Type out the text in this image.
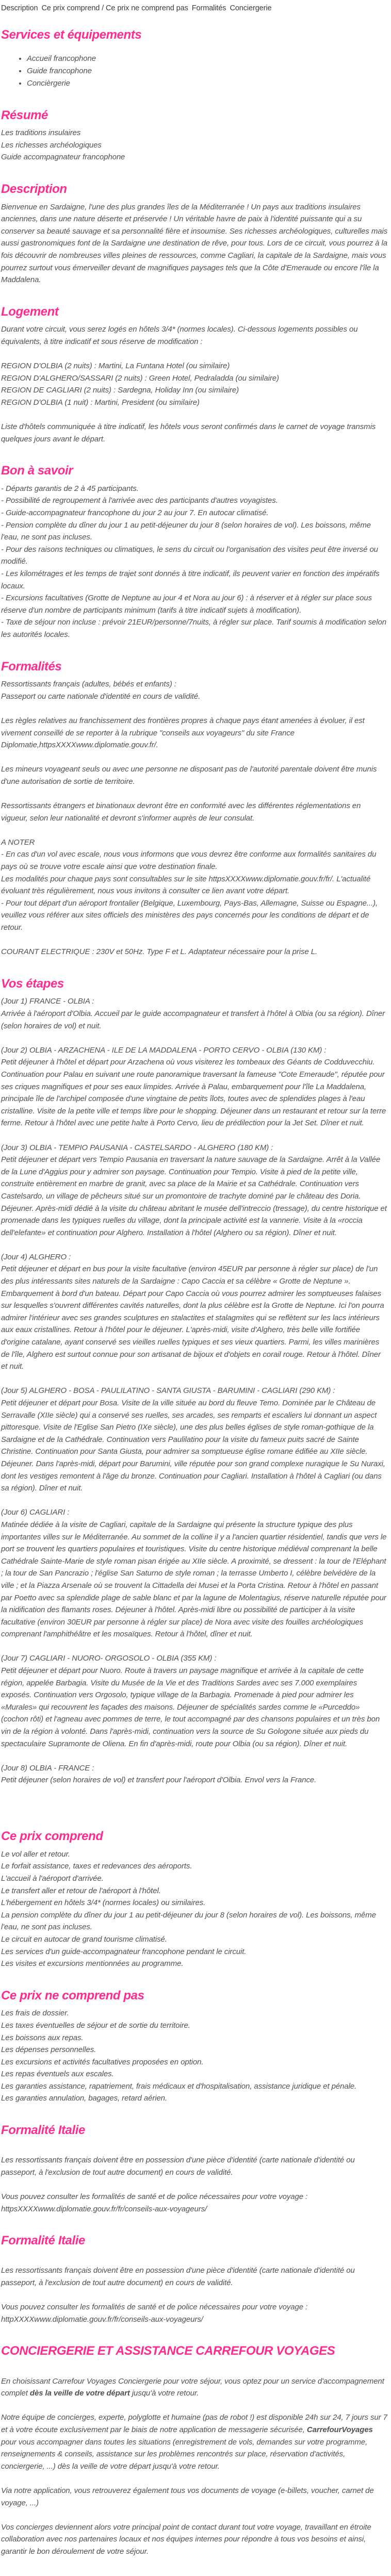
Description Ce prix comprend / Ce prix ne comprend pas Formalités Conciergerie
Services et équipements
• Accueil francophone
• Guide francophone
• Concièrgerie
Résumé

Les traditions insulaires

Les richesses archéologiques

Guide accompagnateur francophone

Description

Bienvenue en Sardaigne, l'une des plus grandes îles de la Méditerranée ! Un pays aux traditions insulaires anciennes, dans une nature déserte et préservée ! Un véritable havre de paix à l'identité puissante qui a su conserver sa beauté sauvage et sa personnalité fière et insoumise. Ses richesses archéologiques, culturelles mais aussi gastronomiques font de la Sardaigne une destination de rêve, pour tous. Lors de ce circuit, vous pourrez à la fois découvrir de nombreuses villes pleines de ressources, comme Cagliari, la capitale de la Sardaigne, mais vous pourrez surtout vous émerveiller devant de magnifiques paysages tels que la Côte d'Emeraude ou encore l'île la Maddalena.

Logement

Durant votre circuit, vous serez logés en hôtels 3/4* (normes locales). Ci-dessous logements possibles ou équivalents, à titre indicatif et sous réserve de modification :

REGION D'OLBIA (2 nuits) : Martini, La Funtana Hotel (ou similaire)

REGION D'ALGHERO/SASSARI (2 nuits) : Green Hotel, Pedraladda (ou similaire)

REGION DE CAGLIARI (2 nuits) : Sardegna, Holiday Inn (ou similaire)

REGION D'OLBIA (1 nuit) : Martini, President (ou similaire)

Liste d'hôtels communiquée à titre indicatif, les hôtels vous seront confirmés dans le carnet de voyage transmis quelques jours avant le départ.

Bon à savoir

- Départs garantis de 2 à 45 participants.

- Possibilité de regroupement à l'arrivée avec des participants d'autres voyagistes.

- Guide-accompagnateur francophone du jour 2 au jour 7. En autocar climatisé.

- Pension complète du dîner du jour 1 au petit-déjeuner du jour 8 (selon horaires de vol). Les boissons, même l'eau, ne sont pas incluses.

- Pour des raisons techniques ou climatiques, le sens du circuit ou l'organisation des visites peut être inversé ou modifié.

- Les kilométrages et les temps de trajet sont donnés à titre indicatif, ils peuvent varier en fonction des impératifs locaux.

- Excursions facultatives (Grotte de Neptune au jour 4 et Nora au jour 6) : à réserver et à régler sur place sous réserve d'un nombre de participants minimum (tarifs à titre indicatif sujets à modification).

- Taxe de séjour non incluse : prévoir 21EUR/personne/7nuits, à régler sur place. Tarif soumis à modification selon les autorités locales.

Formalités

Ressortissants français (adultes, bébés et enfants) :

Passeport ou carte nationale d'identité en cours de validité.

Les règles relatives au franchissement des frontières propres à chaque pays étant amenées à évoluer, il est vivement conseillé de se reporter à la rubrique "conseils aux voyageurs" du site France Diplomatie,httpsXXXXwww.diplomatie.gouv.fr/.

Les mineurs voyageant seuls ou avec une personne ne disposant pas de l'autorité parentale doivent être munis d'une autorisation de sortie de territoire.

Ressortissants étrangers et binationaux devront être en conformité avec les différentes réglementations en vigueur, selon leur nationalité et devront s'informer auprès de leur consulat.

A NOTER

- En cas d'un vol avec escale, nous vous informons que vous devrez être conforme aux formalités sanitaires du pays où se trouve votre escale ainsi que votre destination finale.

Les modalités pour chaque pays sont consultables sur le site httpsXXXXwww.diplomatie.gouv.fr/fr/. L'actualité évoluant très régulièrement, nous vous invitons à consulter ce lien avant votre départ.

- Pour tout départ d'un aéroport frontalier (Belgique, Luxembourg, Pays-Bas, Allemagne, Suisse ou Espagne...), veuillez vous référer aux sites officiels des ministères des pays concernés pour les conditions de départ et de retour.

COURANT ELECTRIQUE : 230V et 50Hz. Type F et L. Adaptateur nécessaire pour la prise L.

Vos étapes

(Jour 1) FRANCE - OLBIA :

Arrivée à l'aéroport d'Olbia. Accueil par le guide accompagnateur et transfert à l'hôtel à Olbia (ou sa région). Dîner (selon horaires de vol) et nuit.

(Jour 2) OLBIA - ARZACHENA - ILE DE LA MADDALENA - PORTO CERVO - OLBIA (130 KM) :

Petit déjeuner à l'hôtel et départ pour Arzachena où vous visiterez les tombeaux des Géants de Codduvecchiu. Continuation pour Palau en suivant une route panoramique traversant la fameuse "Cote Emeraude", réputée pour ses criques magnifiques et pour ses eaux limpides. Arrivée à Palau, embarquement pour l'île La Maddalena, principale île de l'archipel composée d'une vingtaine de petits îlots, toutes avec de splendides plages à l'eau cristalline. Visite de la petite ville et temps libre pour le shopping. Déjeuner dans un restaurant et retour sur la terre ferme. Retour à l'hôtel avec une petite halte à Porto Cervo, lieu de prédilection pour la Jet Set. Dîner et nuit.

(Jour 3) OLBIA - TEMPIO PAUSANIA - CASTELSARDO - ALGHERO (180 KM) :

Petit déjeuner et départ vers Tempio Pausania en traversant la nature sauvage de la Sardaigne. Arrêt à la Vallée de la Lune d'Aggius pour y admirer son paysage. Continuation pour Tempio. Visite à pied de la petite ville, construite entièrement en marbre de granit, avec sa place de la Mairie et sa Cathédrale. Continuation vers Castelsardo, un village de pêcheurs situé sur un promontoire de trachyte dominé par le château des Doria. Déjeuner. Après-midi dédié à la visite du château abritant le musée dell'intreccio (tressage), du centre historique et promenade dans les typiques ruelles du village, dont la principale activité est la vannerie. Visite à la «roccia dell'elefante» et continuation pour Alghero. Installation à l'hôtel (Alghero ou sa région). Dîner et nuit.

(Jour 4) ALGHERO :

Petit déjeuner et départ en bus pour la visite facultative (environ 45EUR par personne à régler sur place) de l'un des plus intéressants sites naturels de la Sardaigne : Capo Caccia et sa célèbre « Grotte de Neptune ». Embarquement à bord d'un bateau. Départ pour Capo Caccia où vous pourrez admirer les somptueuses falaises sur lesquelles s'ouvrent différentes cavités naturelles, dont la plus célèbre est la Grotte de Neptune. Ici l'on pourra admirer l'intérieur avec ses grandes sculptures en stalactites et stalagmites qui se reflètent sur les lacs intérieurs aux eaux cristallines. Retour à l'hôtel pour le déjeuner. L'après-midi, visite d'Alghero, très belle ville fortifiée d'origine catalane, ayant conservé ses vieilles ruelles typiques et ses vieux quartiers. Parmi, les villes marinières de l'île, Alghero est surtout connue pour son artisanat de bijoux et d'objets en corail rouge. Retour à l'hôtel. Dîner et nuit.

(Jour 5) ALGHERO - BOSA - PAULILATINO - SANTA GIUSTA - BARUMINI - CAGLIARI (290 KM) :

Petit déjeuner et départ pour Bosa. Visite de la ville située au bord du fleuve Temo. Dominée par le Château de Serravalle (XIIe siècle) qui a conservé ses ruelles, ses arcades, ses remparts et escaliers lui donnant un aspect pittoresque. Visite de l'Eglise San Pietro (IXe siècle), une des plus belles églises de style roman-gothique de la Sardaigne et de la Cathédrale. Continuation vers Paulilatino pour la visite du fameux puits sacré de Sainte Christine. Continuation pour Santa Giusta, pour admirer sa somptueuse église romane édifiée au XIIe siècle. Déjeuner. Dans l'après-midi, départ pour Barumini, ville réputée pour son grand complexe nuragique le Su Nuraxi, dont les vestiges remontent à l'âge du bronze. Continuation pour Cagliari. Installation à l'hôtel à Cagliari (ou dans sa région). Dîner et nuit.

(Jour 6) CAGLIARI :

Matinée dédiée à la visite de Cagliari, capitale de la Sardaigne qui présente la structure typique des plus importantes villes sur le Méditerranée. Au sommet de la colline il y a l'ancien quartier résidentiel, tandis que vers le port se trouvent les quartiers populaires et touristiques. Visite du centre historique médiéval comprenant la belle Cathédrale Sainte-Marie de style roman pisan érigée au XIIe siècle. A proximité, se dressent : la tour de l'Eléphant ; la tour de San Pancrazio ; l'église San Saturno de style roman ; la terrasse Umberto I, célèbre belvédère de la ville ; et la Piazza Arsenale où se trouvent la Cittadella dei Musei et la Porta Cristina. Retour à l'hôtel en passant par Poetto avec sa splendide plage de sable blanc et par la lagune de Molentagius, réserve naturelle réputée pour la nidification des flamants roses. Déjeuner à l'hôtel. Après-midi libre ou possibilité de participer à la visite facultative (environ 30EUR par personne à régler sur place) de Nora avec visite des fouilles archéologiques comprenant l'amphithéâtre et les mosaïques. Retour à l'hôtel, dîner et nuit.

(Jour 7) CAGLIARI - NUORO- ORGOSOLO - OLBIA (355 KM) :

Petit déjeuner et départ pour Nuoro. Route à travers un paysage magnifique et arrivée à la capitale de cette région, appelée Barbagia. Visite du Musée de la Vie et des Traditions Sardes avec ses 7.000 exemplaires exposés. Continuation vers Orgosolo, typique village de la Barbagia. Promenade à pied pour admirer les «Murales» qui recouvrent les façades des maisons. Déjeuner de spécialités sardes comme le «Purceddo» (cochon rôti) et l'agneau avec pommes de terre, le tout accompagné par des chansons populaires et un très bon vin de la région à volonté. Dans l'après-midi, continuation vers la source de Su Gologone située aux pieds du spectaculaire Supramonte de Oliena. En fin d'après-midi, route pour Olbia (ou sa région). Dîner et nuit.

(Jour 8) OLBIA - FRANCE :

Petit déjeuner (selon horaires de vol) et transfert pour l'aéroport d'Olbia. Envol vers la France.

Ce prix comprend

Le vol aller et retour.

Le forfait assistance, taxes et redevances des aéroports.

L'accueil à l'aéroport d'arrivée.

Le transfert aller et retour de l'aéroport à l'hôtel.

L'hébergement en hôtels 3/4* (normes locales) ou similaires.

La pension complète du dîner du jour 1 au petit-déjeuner du jour 8 (selon horaires de vol). Les boissons, même l'eau, ne sont pas incluses.

Le circuit en autocar de grand tourisme climatisé.

Les services d'un guide-accompagnateur francophone pendant le circuit.

Les visites et excursions mentionnées au programme.

Ce prix ne comprend pas

Les frais de dossier.

Les taxes éventuelles de séjour et de sortie du territoire.

Les boissons aux repas.

Les dépenses personnelles.

Les excursions et activités facultatives proposées en option.

Les repas éventuels aux escales.

Les garanties assistance, rapatriement, frais médicaux et d'hospitalisation, assistance juridique et pénale.

Les garanties annulation, bagages, retard aérien.

Formalité Italie

Les ressortissants français doivent être en possession d'une pièce d'identité (carte nationale d'identité ou passeport, à l'exclusion de tout autre document) en cours de validité.

Vous pouvez consulter les formalités de santé et de police nécessaires pour votre voyage :

httpsXXXXwww.diplomatie.gouv.fr/fr/conseils-aux-voyageurs/

Formalité Italie

Les ressortissants français doivent être en possession d'une pièce d'identité (carte nationale d'identité ou passeport, à l'exclusion de tout autre document) en cours de validité.

Vous pouvez consulter les formalités de santé et de police nécessaires pour votre voyage :

httpXXXXwww.diplomatie.gouv.fr/fr/conseils-aux-voyageurs/

CONCIERGERIE ET ASSISTANCE CARREFOUR VOYAGES

En choisissant Carrefour Voyages Conciergerie pour votre séjour, vous optez pour un service d'accompagnement complet dès la veille de votre départ jusqu'à votre retour.

Notre équipe de concierges, experte, polyglotte et humaine (pas de robot !) est disponible 24h sur 24, 7 jours sur 7 et à votre écoute exclusivement par le biais de notre application de messagerie sécurisée, CarrefourVoyages pour vous accompagner dans toutes les situations (enregistrement de vols, demandes sur votre programme, renseignements & conseils, assistance sur les problèmes rencontrés sur place, réservation d'activités, conciergerie, ...) dès la veille de votre départ jusqu'à votre retour.

Via notre application, vous retrouverez également tous vos documents de voyage (e-billets, voucher, carnet de voyage, ...)

Vos concierges deviennent alors votre principal point de contact durant tout votre voyage, travaillant en étroite collaboration avec nos partenaires locaux et nos équipes internes pour répondre à tous vos besoins et ainsi, garantir le bon déroulement de votre séjour.
